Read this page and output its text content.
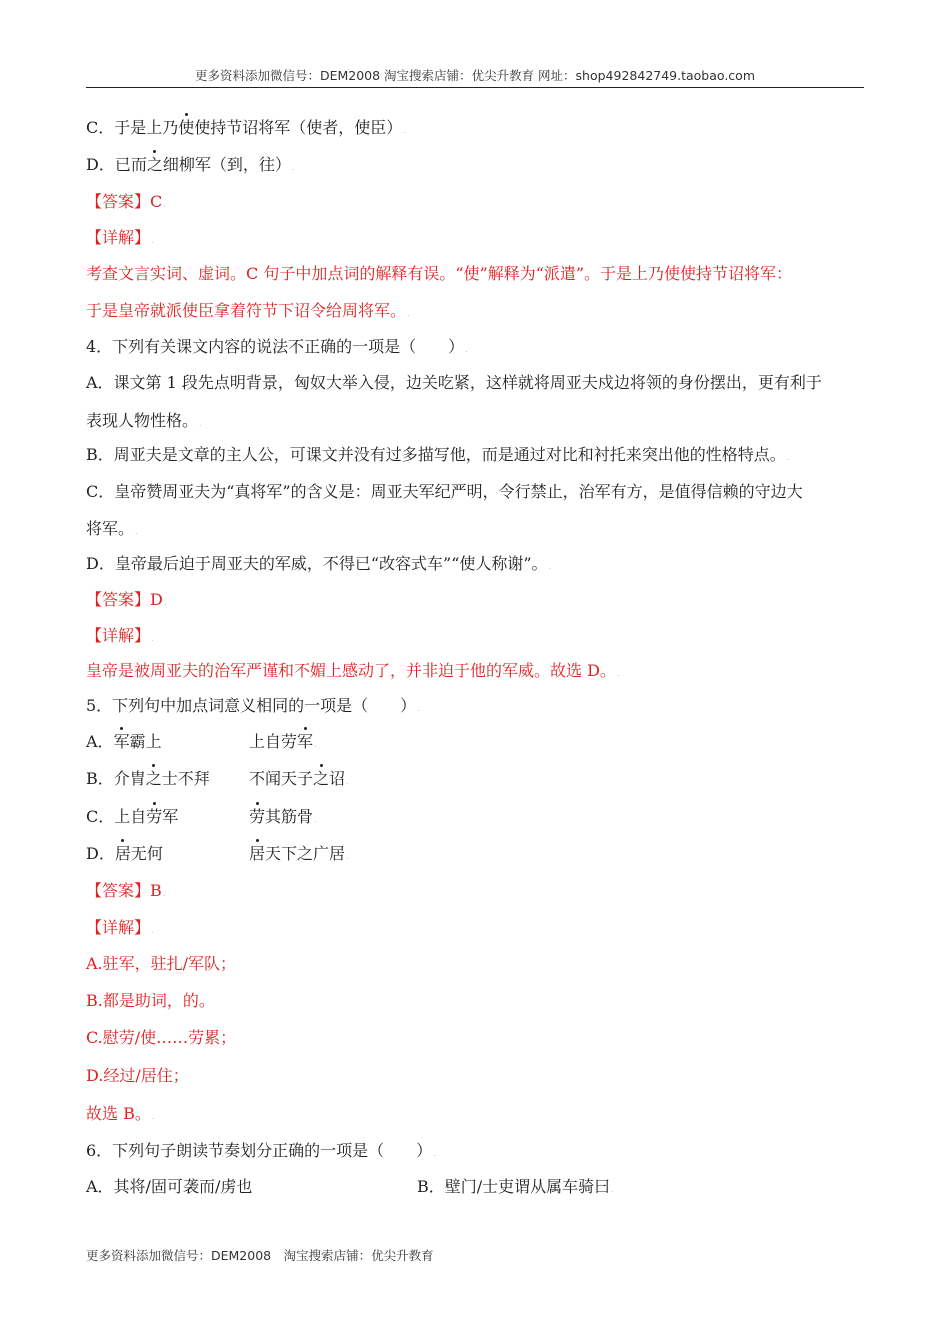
更多资料添加微信号：DEM2008 淘宝搜索店铺：优尖升教育 网址：shop492842749.taobao.com
C．于是上乃使使持节诏将军（使者，使臣）.
D．已而之细柳军（到，往）.
【答案】C.
【详解】.
考查文言实词、虚词。C 句子中加点词的解释有误。“使”解释为“派遣”。于是上乃使使持节诏将军：
于是皇帝就派使臣拿着符节下诏令给周将军。.
4．下列有关课文内容的说法不正确的一项是（　　）.
A．课文第 1 段先点明背景，匈奴大举入侵，边关吃紧，这样就将周亚夫戍边将领的身份摆出，更有利于
表现人物性格。.
B．周亚夫是文章的主人公，可课文并没有过多描写他，而是通过对比和衬托来突出他的性格特点。.
C．皇帝赞周亚夫为“真将军”的含义是：周亚夫军纪严明，令行禁止，治军有方，是值得信赖的守边大
将军。.
D．皇帝最后迫于周亚夫的军威，不得已“改容式车”“使人称谢”。.
【答案】D.
【详解】.
皇帝是被周亚夫的治军严谨和不媚上感动了，并非迫于他的军威。故选 D。.
5．下列句中加点词意义相同的一项是（　　）.
A．军霸上	上自劳军.
B．介胄之士不拜 不闻天子之诏.
C．上自劳军	劳其筋骨.
D．居无何	居天下之广居.
【答案】B.
【详解】.
A.驻军，驻扎/军队；
B.都是助词，的。
C.慰劳/使……劳累；
D.经过/居住；
故选 B。.
6．下列句子朗读节奏划分正确的一项是（　　）.
A．其将/固可袭而/虏也	B．壁门/士吏谓从属车骑曰.
更多资料添加微信号：DEM2008　淘宝搜索店铺：优尖升教育
